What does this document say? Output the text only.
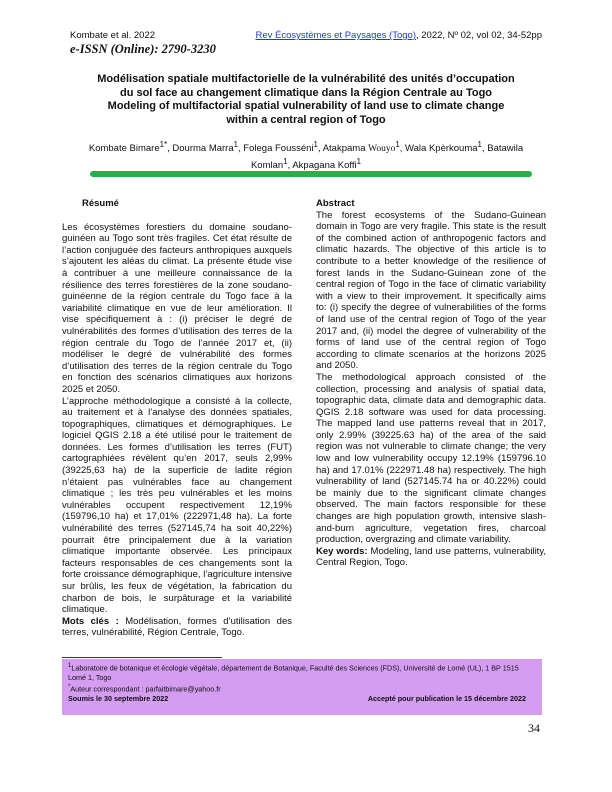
Kombate et al. 2022	Rev Écosystèmes et Paysages (Togo), 2022, Nº 02, vol 02, 34-52pp
e-ISSN (Online): 2790-3230
Modélisation spatiale multifactorielle de la vulnérabilité des unités d’occupation
du sol face au changement climatique dans la Région Centrale au Togo
Modeling of multifactorial spatial vulnerability of land use to climate change
within a central region of Togo
Kombate Bimare$^{1*}$, Dourma Marra$^1$, Folega Fousséni$^1$, Atakpama Wouyo$^1$, Wala Kpèrkouma$^1$, Batawila
Komlan$^1$, Akpagana Koffi$^1$
Résumé

Les écosystèmes forestiers du domaine soudano-guinéen au Togo sont très fragiles. Cet état résulte de l’action conjuguée des facteurs anthropiques auxquels s’ajoutent les aléas du climat. La présente étude vise à contribuer à une meilleure connaissance de la résilience des terres forestières de la zone soudano-guinéenne de la région centrale du Togo face à la variabilité climatique en vue de leur amélioration. Il vise spécifiquement à : (i) préciser le degré de vulnérabilités des formes d’utilisation des terres de la région centrale du Togo de l’année 2017 et, (ii) modéliser le degré de vulnérabilité des formes d’utilisation des terres de la région centrale du Togo en fonction des scénarios climatiques aux horizons 2025 et 2050.

L’approche méthodologique a consisté à la collecte, au traitement et à l’analyse des données spatiales, topographiques, climatiques et démographiques. Le logiciel QGIS 2.18 a été utilisé pour le traitement de données. Les formes d’utilisation les terres (FUT) cartographiées révèlent qu’en 2017, seuls 2,99% (39225,63 ha) de la superficie de ladite région n’étaient pas vulnérables face au changement climatique ; les très peu vulnérables et les moins vulnérables occupent respectivement 12,19% (159796,10 ha) et 17,01% (222971,48 ha). La forte vulnérabilité des terres (527145,74 ha soit 40,22%) pourrait être principalement due à la variation climatique importante observée. Les principaux facteurs responsables de ces changements sont la forte croissance démographique, l’agriculture intensive sur brûlis, les feux de végétation, la fabrication du charbon de bois, le surpâturage et la variabilité climatique.

Mots clés : Modélisation, formes d’utilisation des terres, vulnérabilité, Région Centrale, Togo.

Abstract

The forest ecosystems of the Sudano-Guinean domain in Togo are very fragile. This state is the result of the combined action of anthropogenic factors and climatic hazards. The objective of this article is to contribute to a better knowledge of the resilience of forest lands in the Sudano-Guinean zone of the central region of Togo in the face of climatic variability with a view to their improvement. It specifically aims to: (i) specify the degree of vulnerabilities of the forms of land use of the central region of Togo of the year 2017 and, (ii) model the degree of vulnerability of the forms of land use of the central region of Togo according to climate scenarios at the horizons 2025 and 2050.

The methodological approach consisted of the collection, processing and analysis of spatial data, topographic data, climate data and demographic data. QGIS 2.18 software was used for data processing. The mapped land use patterns reveal that in 2017, only 2.99% (39225.63 ha) of the area of the said region was not vulnerable to climate change; the very low and low vulnerability occupy 12.19% (159796.10 ha) and 17.01% (222971.48 ha) respectively. The high vulnerability of land (527145.74 ha or 40.22%) could be mainly due to the significant climate changes observed. The main factors responsible for these changes are high population growth, intensive slash-and-burn agriculture, vegetation fires, charcoal production, overgrazing and climate variability.

Key words: Modeling, land use patterns, vulnerability, Central Region, Togo.

$^1$Laboratoire de botanique et écologie végétale, département de Botanique, Faculté des Sciences (FDS), Université de Lomé (UL), 1 BP 1515 Lomé 1, Togo
*Auteur correspondant : parfaitbimare@yahoo.fr
Soumis le 30 septembre 2022	Accepté pour publication le 15 décembre 2022
34
